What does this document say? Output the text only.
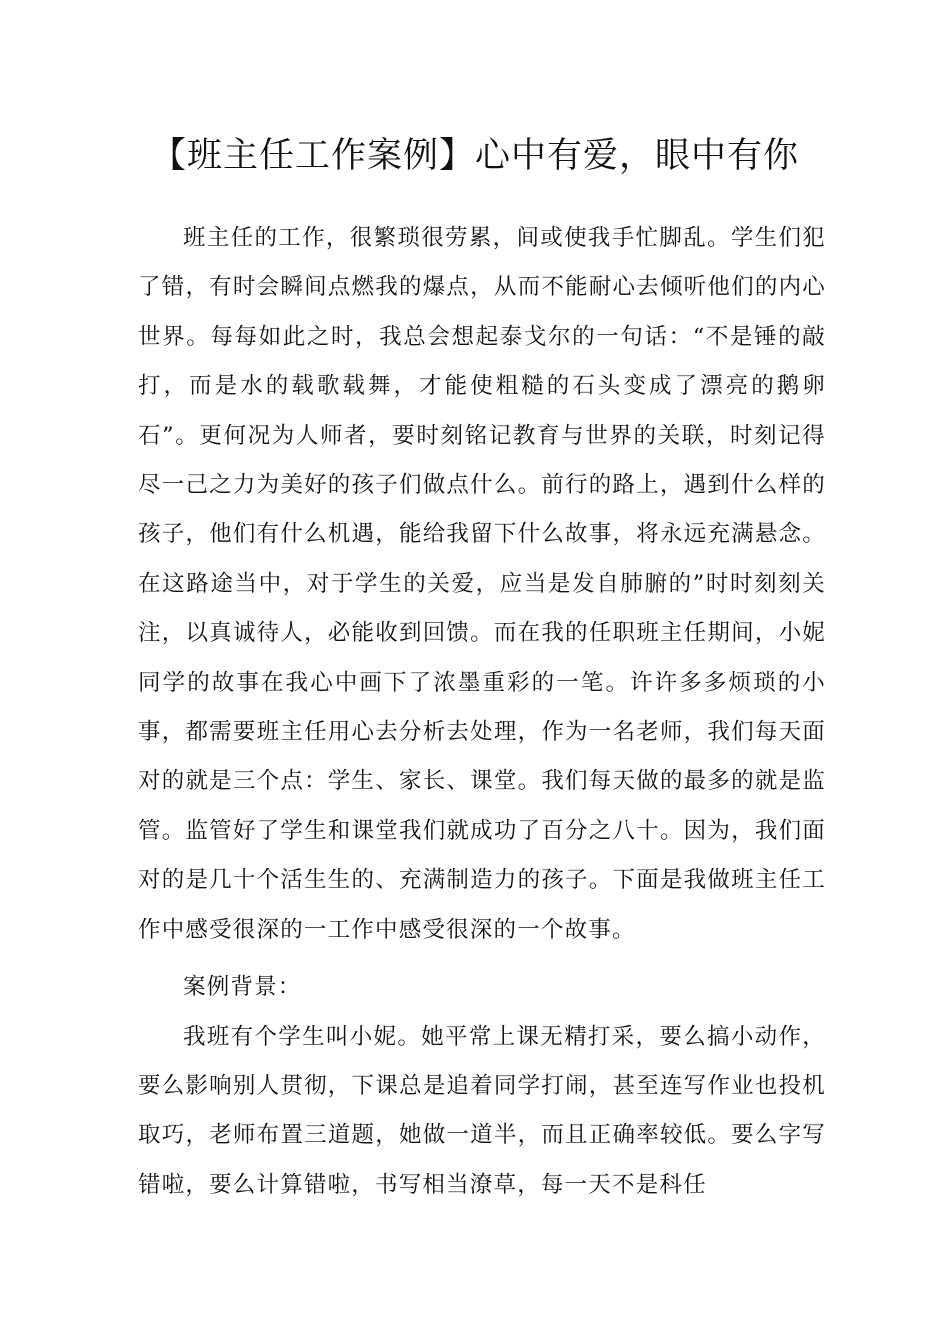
【班主任工作案例】心中有爱，眼中有你

班主任的工作，很繁琐很劳累，间或使我手忙脚乱。学生们犯了错，有时会瞬间点燃我的爆点，从而不能耐心去倾听他们的内心世界。每每如此之时，我总会想起泰戈尔的一句话：“不是锤的敲打，而是水的载歌载舞，才能使粗糙的石头变成了漂亮的鹅卵石”。更何况为人师者，要时刻铭记教育与世界的关联，时刻记得尽一己之力为美好的孩子们做点什么。前行的路上，遇到什么样的孩子，他们有什么机遇，能给我留下什么故事，将永远充满悬念。在这路途当中，对于学生的关爱，应当是发自肺腑的”时时刻刻关注，以真诚待人，必能收到回馈。而在我的任职班主任期间，小妮同学的故事在我心中画下了浓墨重彩的一笔。许许多多烦琐的小事，都需要班主任用心去分析去处理，作为一名老师，我们每天面对的就是三个点：学生、家长、课堂。我们每天做的最多的就是监管。监管好了学生和课堂我们就成功了百分之八十。因为，我们面对的是几十个活生生的、充满制造力的孩子。下面是我做班主任工作中感受很深的一工作中感受很深的一个故事。

案例背景：

我班有个学生叫小妮。她平常上课无精打采，要么搞小动作，要么影响别人贯彻，下课总是追着同学打闹，甚至连写作业也投机取巧，老师布置三道题，她做一道半，而且正确率较低。要么字写错啦，要么计算错啦，书写相当潦草，每一天不是科任
